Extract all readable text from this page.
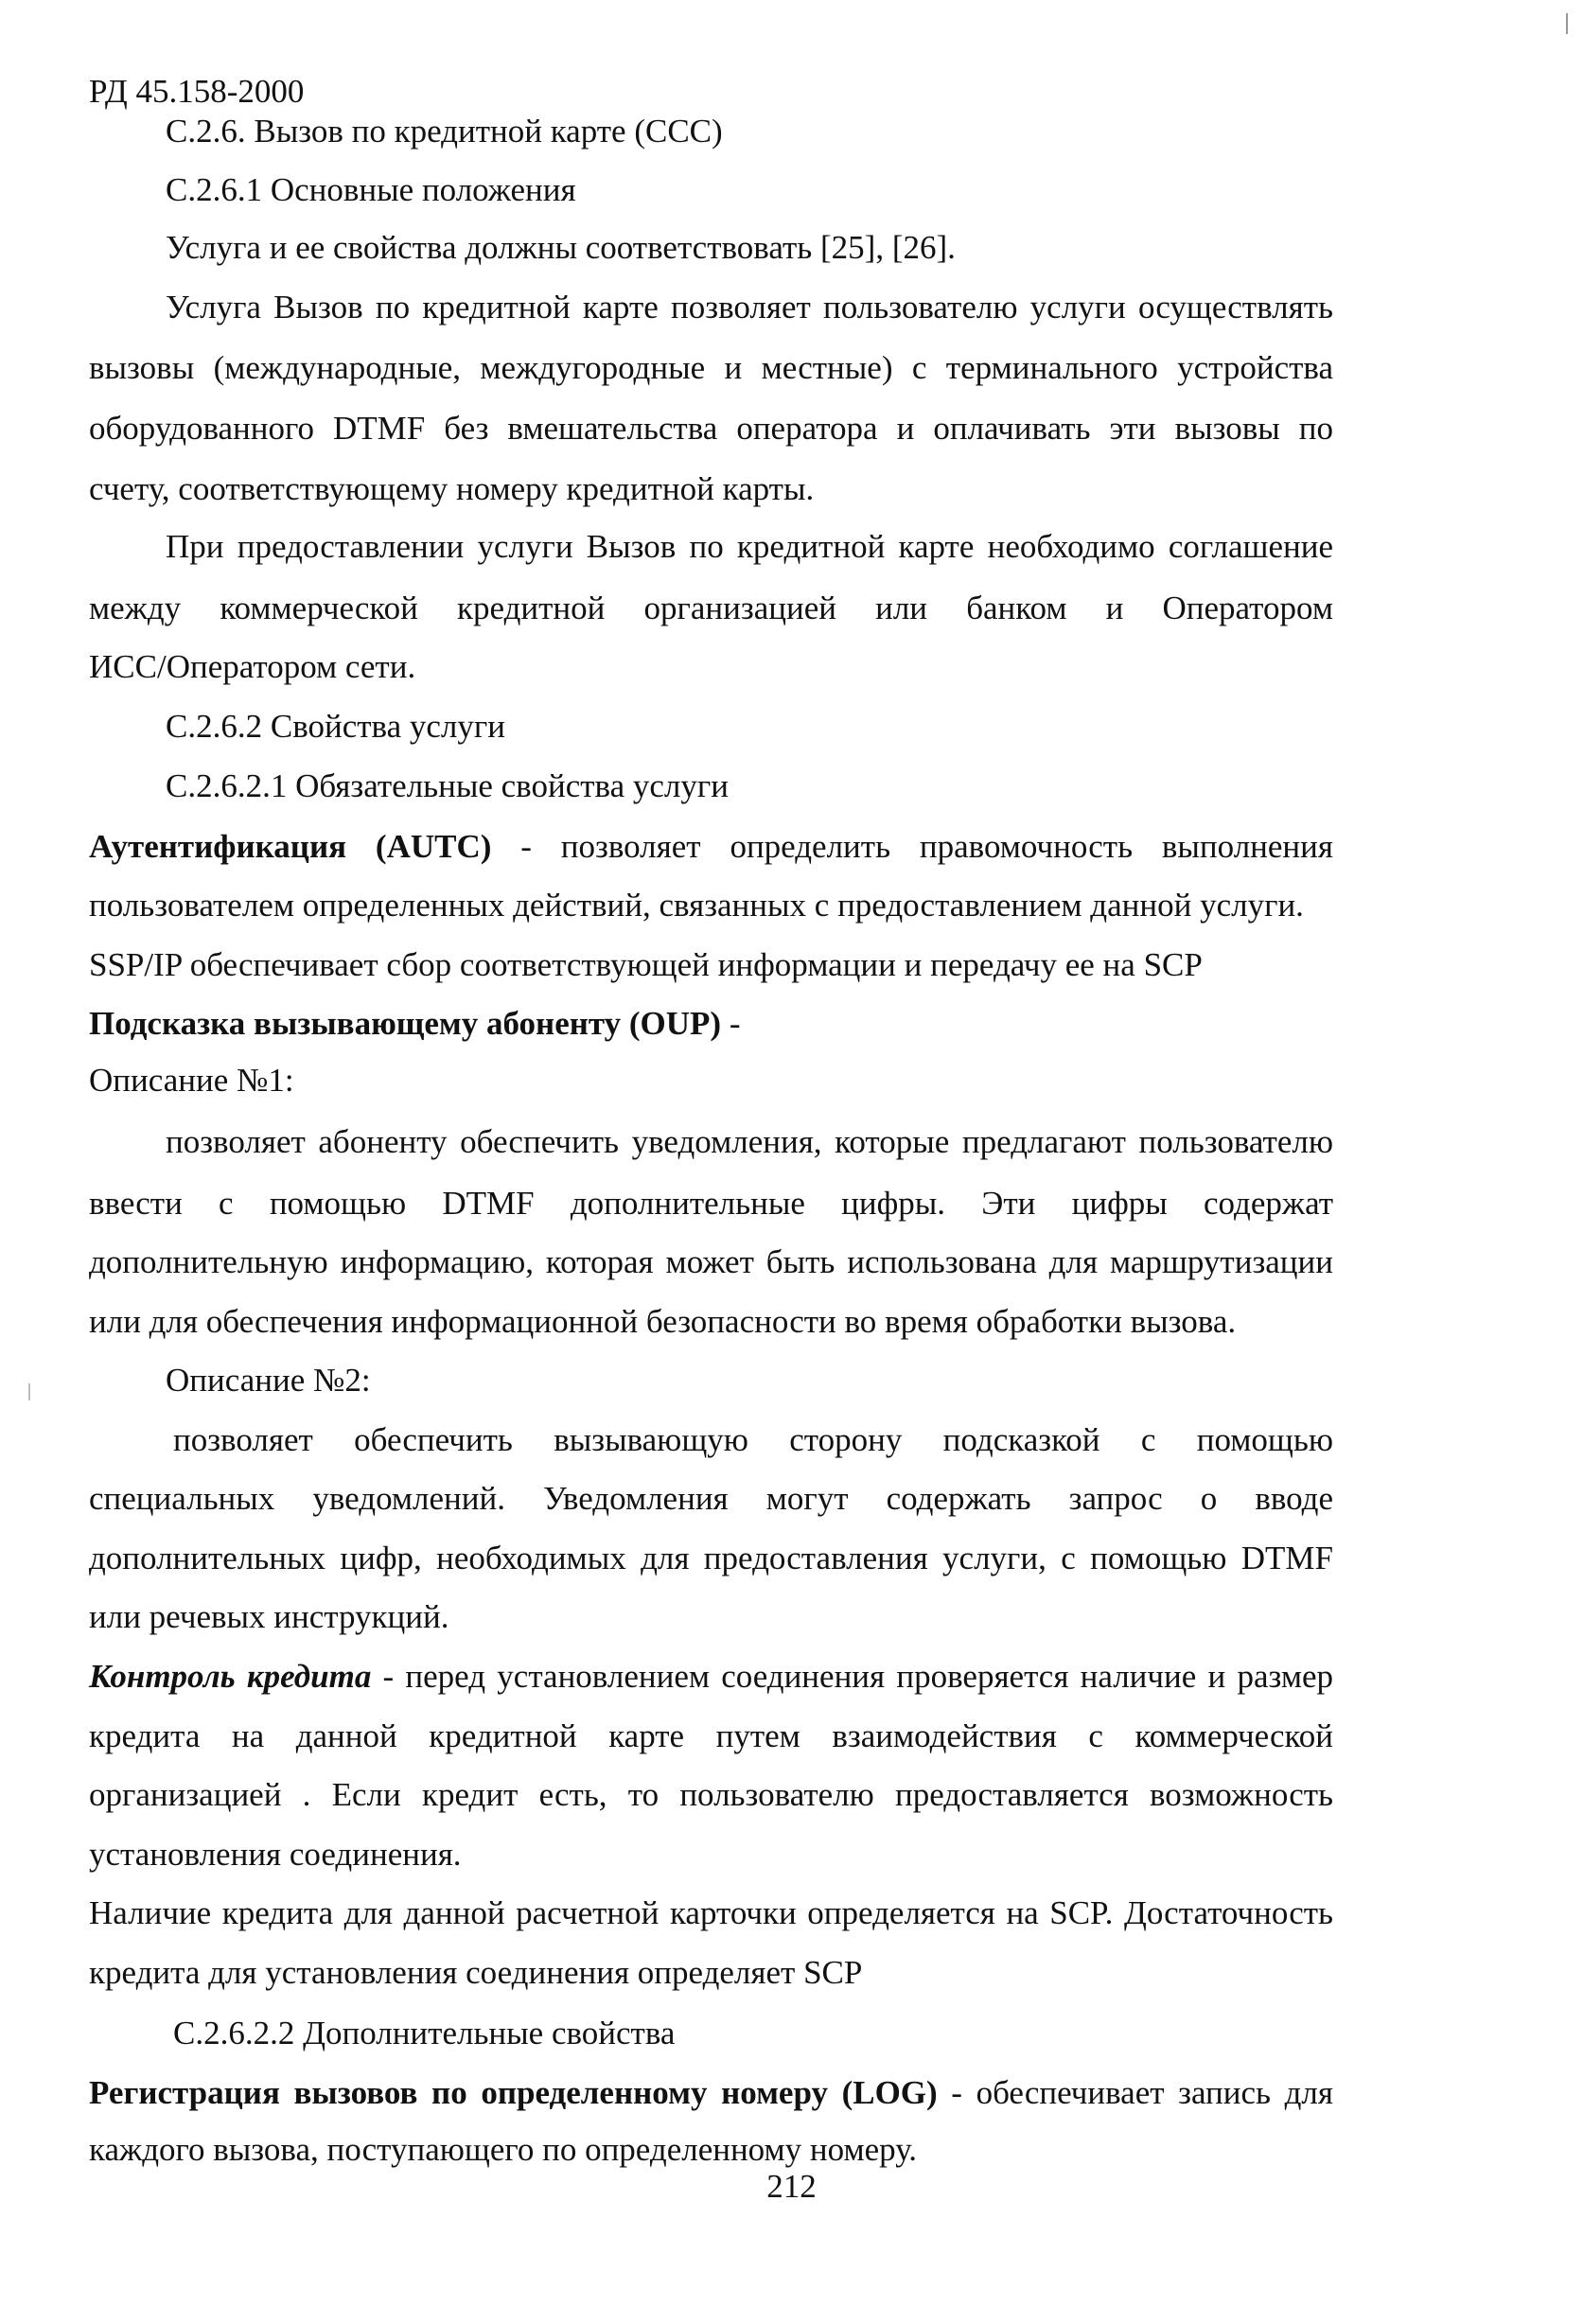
РД 45.158-2000
С.2.6. Вызов по кредитной карте (CCC)
С.2.6.1 Основные положения
Услуга и ее свойства должны соответствовать [25], [26].
Услуга Вызов по кредитной карте позволяет пользователю услуги осуществлять
вызовы (международные, междугородные и местные) с терминального устройства
оборудованного DTMF без вмешательства оператора и оплачивать эти вызовы по
счету, соответствующему номеру кредитной карты.
При предоставлении услуги Вызов по кредитной карте необходимо соглашение
между коммерческой кредитной организацией или банком и Оператором
ИСС/Оператором сети.
С.2.6.2 Свойства услуги
С.2.6.2.1 Обязательные свойства услуги
Аутентификация (AUTC) - позволяет определить правомочность выполнения
пользователем определенных действий, связанных с предоставлением данной услуги.
SSP/IP обеспечивает сбор соответствующей информации и передачу ее на SCP
Подсказка вызывающему абоненту (OUP) -
Описание №1:
позволяет абоненту обеспечить уведомления, которые предлагают пользователю
ввести с помощью DTMF дополнительные цифры. Эти цифры содержат
дополнительную информацию, которая может быть использована для маршрутизации
или для обеспечения информационной безопасности во время обработки вызова.
Описание №2:
позволяет обеспечить вызывающую сторону подсказкой с помощью
специальных уведомлений. Уведомления могут содержать запрос о вводе
дополнительных цифр, необходимых для предоставления услуги, с помощью DTMF
или речевых инструкций.
Контроль кредита - перед установлением соединения проверяется наличие и размер
кредита на данной кредитной карте путем взаимодействия с коммерческой
организацией . Если кредит есть, то пользователю предоставляется возможность
установления соединения.
Наличие кредита для данной расчетной карточки определяется на SCP. Достаточность
кредита для установления соединения определяет SCP
С.2.6.2.2 Дополнительные свойства
Регистрация вызовов по определенному номеру (LOG) - обеспечивает запись для
каждого вызова, поступающего по определенному номеру.
212
